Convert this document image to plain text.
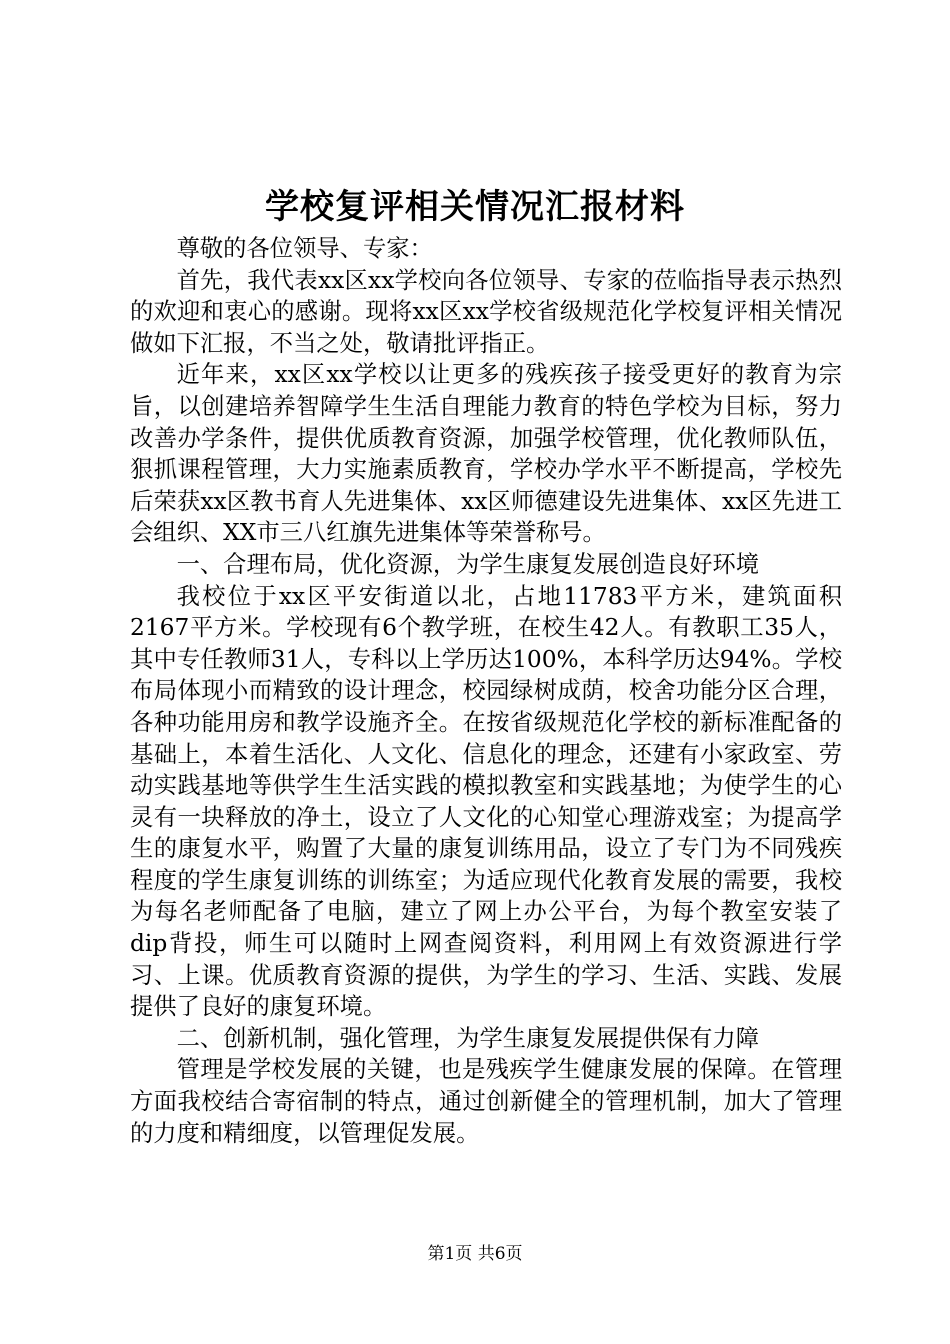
学校复评相关情况汇报材料

尊敬的各位领导、专家：

首先，我代表xx区xx学校向各位领导、专家的莅临指导表示热烈的欢迎和衷心的感谢。现将xx区xx学校省级规范化学校复评相关情况做如下汇报，不当之处，敬请批评指正。

近年来，xx区xx学校以让更多的残疾孩子接受更好的教育为宗旨，以创建培养智障学生生活自理能力教育的特色学校为目标，努力改善办学条件，提供优质教育资源，加强学校管理，优化教师队伍，狠抓课程管理，大力实施素质教育，学校办学水平不断提高，学校先后荣获xx区教书育人先进集体、xx区师德建设先进集体、xx区先进工会组织、XX市三八红旗先进集体等荣誉称号。

一、合理布局，优化资源，为学生康复发展创造良好环境

我校位于xx区平安街道以北，占地11783平方米，建筑面积2167平方米。学校现有6个教学班，在校生42人。有教职工35人，其中专任教师31人，专科以上学历达100%，本科学历达94%。学校布局体现小而精致的设计理念，校园绿树成荫，校舍功能分区合理，各种功能用房和教学设施齐全。在按省级规范化学校的新标准配备的基础上，本着生活化、人文化、信息化的理念，还建有小家政室、劳动实践基地等供学生生活实践的模拟教室和实践基地；为使学生的心灵有一块释放的净土，设立了人文化的心知堂心理游戏室；为提高学生的康复水平，购置了大量的康复训练用品，设立了专门为不同残疾程度的学生康复训练的训练室；为适应现代化教育发展的需要，我校为每名老师配备了电脑，建立了网上办公平台，为每个教室安装了dip背投，师生可以随时上网查阅资料，利用网上有效资源进行学习、上课。优质教育资源的提供，为学生的学习、生活、实践、发展提供了良好的康复环境。

二、创新机制，强化管理，为学生康复发展提供保有力障

管理是学校发展的关键，也是残疾学生健康发展的保障。在管理方面我校结合寄宿制的特点，通过创新健全的管理机制，加大了管理的力度和精细度，以管理促发展。

第1页 共6页
